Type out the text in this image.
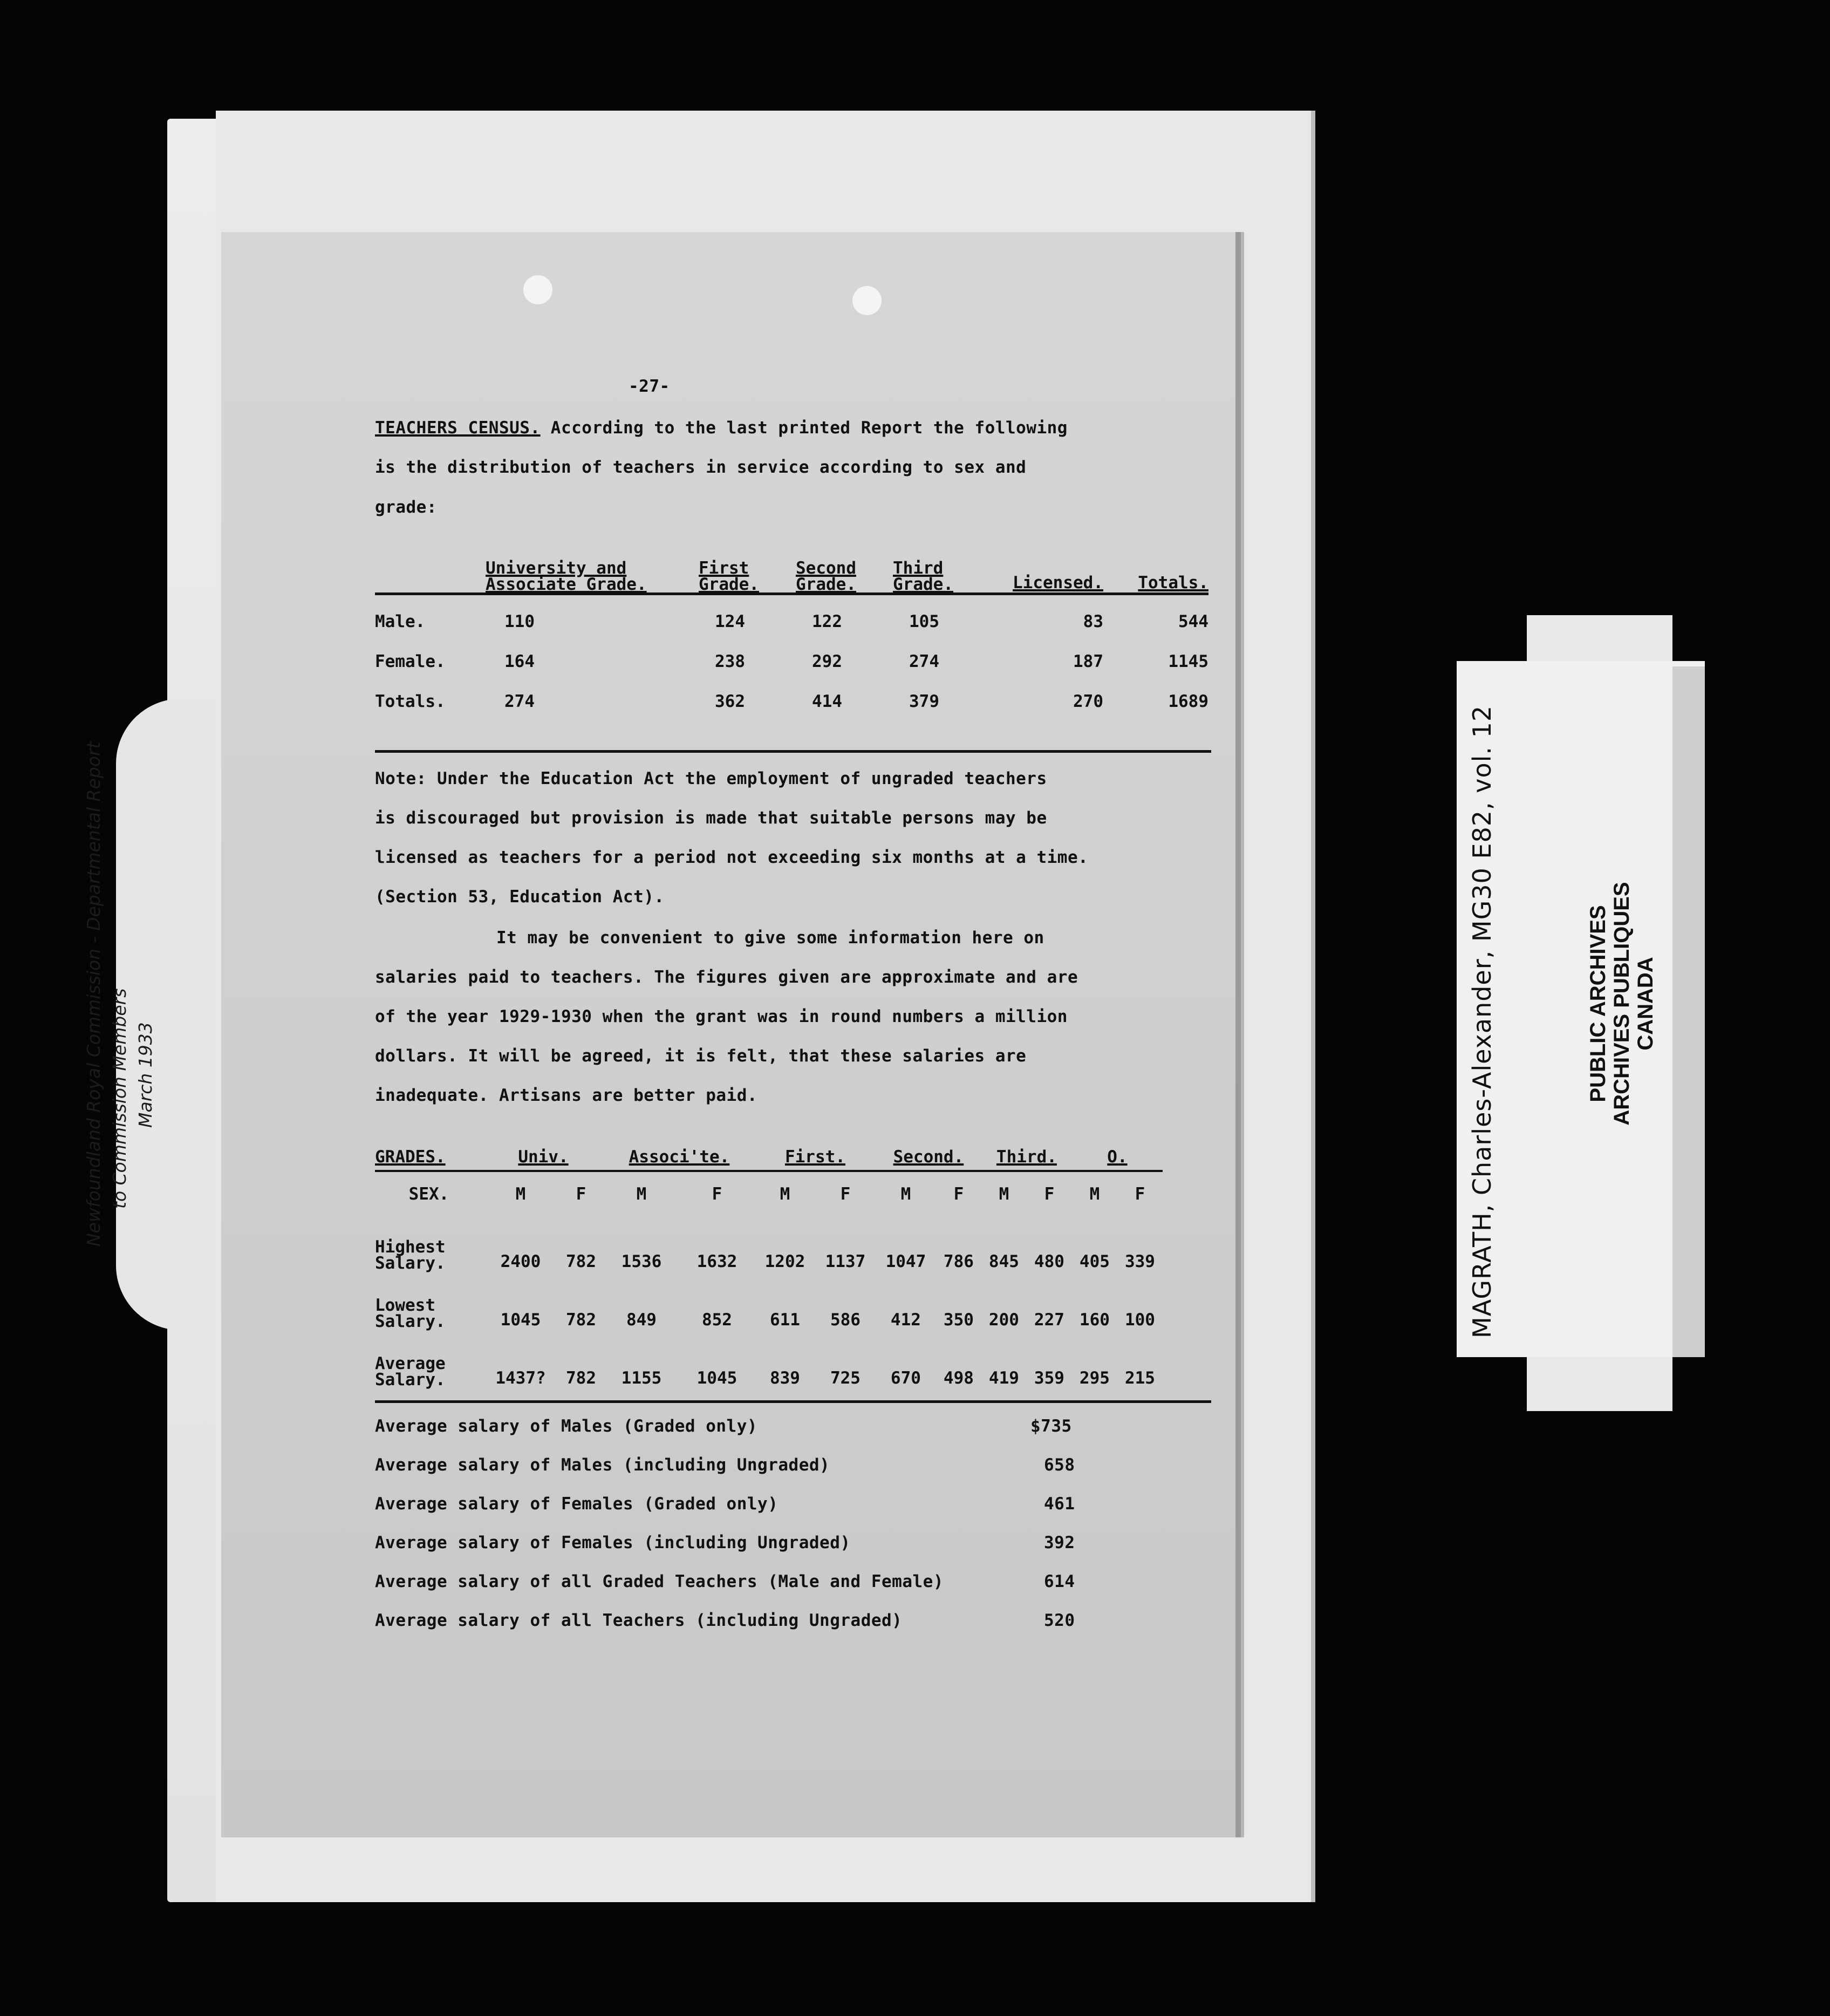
Newfoundland Royal Commission - Departmental Report to Commission Members March 1933
-27-
TEACHERS CENSUS. According to the last printed Report the following
is the distribution of teachers in service according to sex and
grade:
	University and Associate Grade.	First Grade.	Second Grade.	Third Grade.	Licensed.	Totals.

Male.	110	124	122	105	83	544
Female.	164	238	292	274	187	1145
Totals.	274	362	414	379	270	1689
Note: Under the Education Act the employment of ungraded teachers
is discouraged but provision is made that suitable persons may be
licensed as teachers for a period not exceeding six months at a time.
(Section 53, Education Act).
It may be convenient to give some information here on
salaries paid to teachers. The figures given are approximate and are
of the year 1929-1930 when the grant was in round numbers a million
dollars. It will be agreed, it is felt, that these salaries are
inadequate. Artisans are better paid.
GRADES.	Univ.		Associ'te.		First.		Second.		Third.		O.	

SEX.	M	F	M	F	M	F	M	F	M	F	M	F

Highest
Salary.	2400	782	1536	1632	1202	1137	1047	786	845	480	405	339

Lowest
Salary.	1045	782	849	852	611	586	412	350	200	227	160	100

Average
Salary.	1437?	782	1155	1045	839	725	670	498	419	359	295	215
Average salary of Males (Graded only)	$735
Average salary of Males (including Ungraded)	658
Average salary of Females (Graded only)	461
Average salary of Females (including Ungraded)	392
Average salary of all Graded Teachers (Male and Female)	614
Average salary of all Teachers (including Ungraded)	520
MAGRATH, Charles-Alexander, MG30 E82, vol. 12	PUBLIC ARCHIVES ARCHIVES PUBLIQUES CANADA
